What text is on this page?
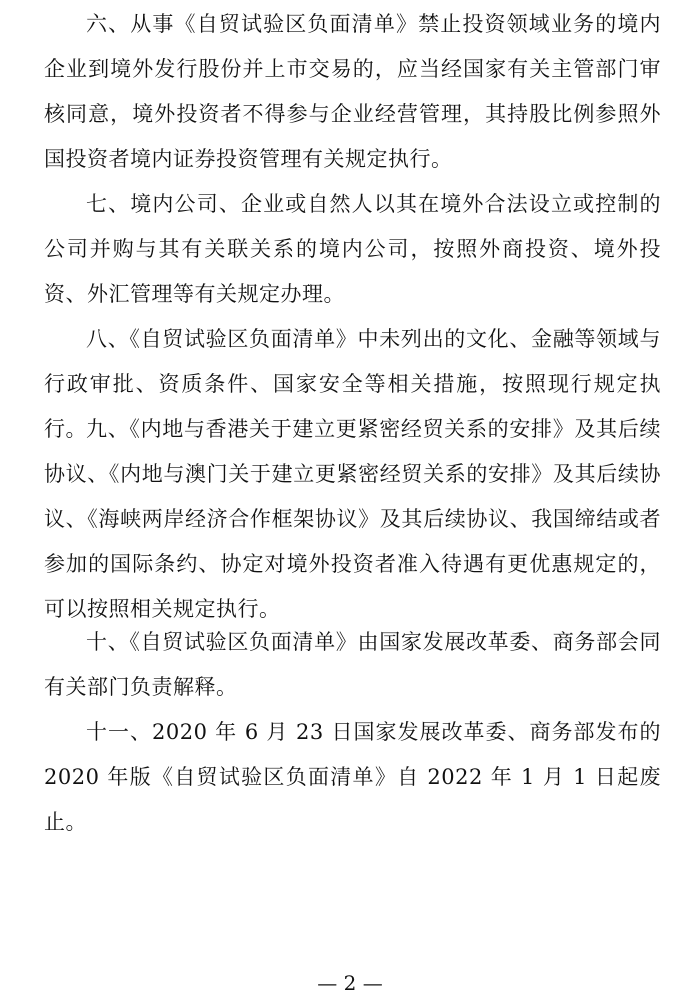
六、从事《自贸试验区负面清单》禁止投资领域业务的境内企业到境外发行股份并上市交易的，应当经国家有关主管部门审核同意，境外投资者不得参与企业经营管理，其持股比例参照外国投资者境内证券投资管理有关规定执行。

七、境内公司、企业或自然人以其在境外合法设立或控制的公司并购与其有关联关系的境内公司，按照外商投资、境外投资、外汇管理等有关规定办理。

八、《自贸试验区负面清单》中未列出的文化、金融等领域与行政审批、资质条件、国家安全等相关措施，按照现行规定执行。 九、《内地与香港关于建立更紧密经贸关系的安排》及其后续协议、《内地与澳门关于建立更紧密经贸关系的安排》及其后续协议、《海峡两岸经济合作框架协议》及其后续协议、我国缔结或者参加的国际条约、协定对境外投资者准入待遇有更优惠规定的，可以按照相关规定执行。

十、《自贸试验区负面清单》由国家发展改革委、商务部会同有关部门负责解释。

十一、2020 年 6 月 23 日国家发展改革委、商务部发布的 2020 年版《自贸试验区负面清单》自 2022 年 1 月 1 日起废止。

— 2 —
